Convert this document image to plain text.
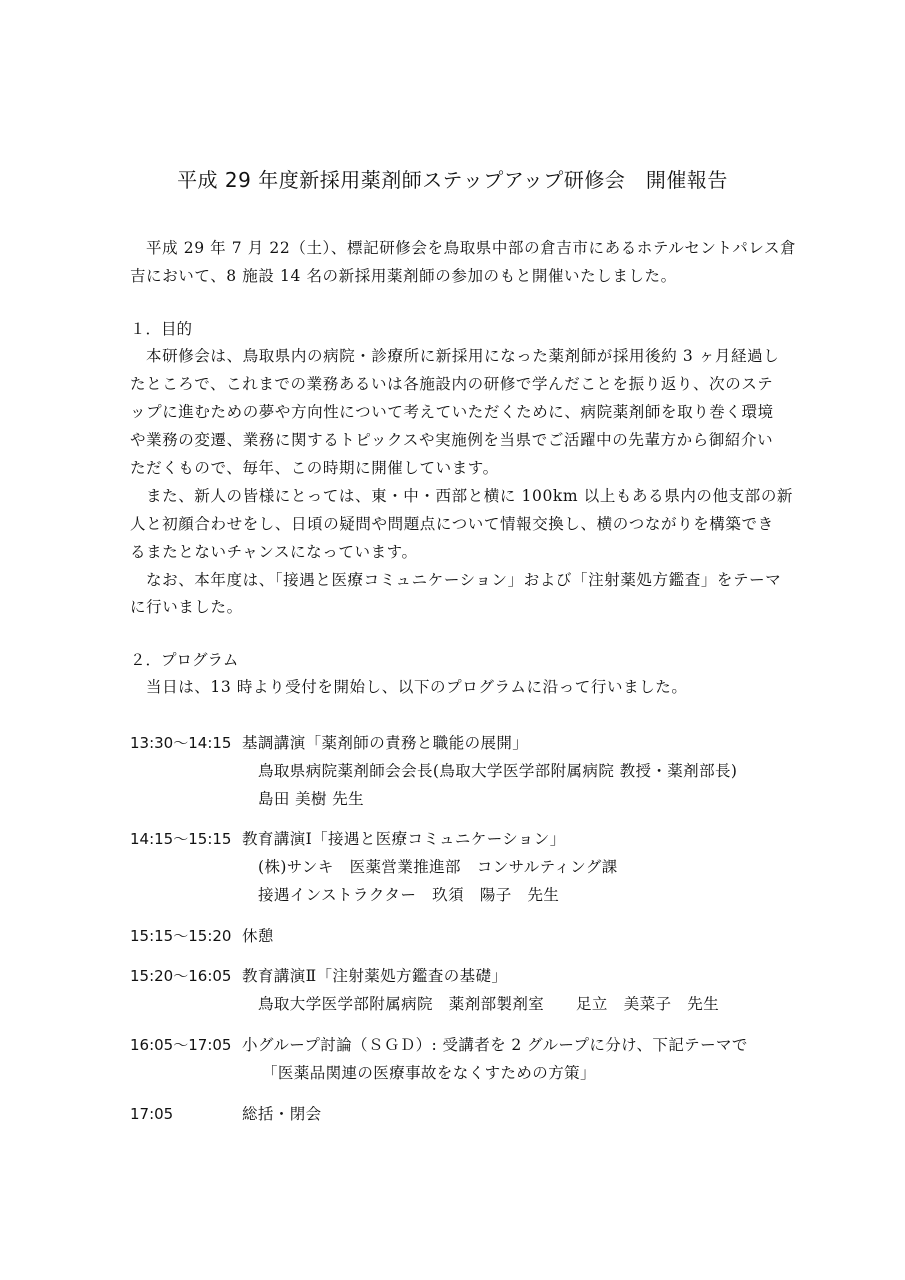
平成 29 年度新採用薬剤師ステップアップ研修会　開催報告
平成 29 年 7 月 22（土）、標記研修会を鳥取県中部の倉吉市にあるホテルセントパレス倉
吉において、8 施設 14 名の新採用薬剤師の参加のもと開催いたしました。
１．目的
本研修会は、鳥取県内の病院・診療所に新採用になった薬剤師が採用後約 3 ヶ月経過し
たところで、これまでの業務あるいは各施設内の研修で学んだことを振り返り、次のステ
ップに進むための夢や方向性について考えていただくために、病院薬剤師を取り巻く環境
や業務の変遷、業務に関するトピックスや実施例を当県でご活躍中の先輩方から御紹介い
ただくもので、毎年、この時期に開催しています。
また、新人の皆様にとっては、東・中・西部と横に 100km 以上もある県内の他支部の新
人と初顔合わせをし、日頃の疑問や問題点について情報交換し、横のつながりを構築でき
るまたとないチャンスになっています。
なお、本年度は、「接遇と医療コミュニケーション」および「注射薬処方鑑査」をテーマ
に行いました。
２．プログラム
当日は、13 時より受付を開始し、以下のプログラムに沿って行いました。
13:30～14:15 基調講演「薬剤師の責務と職能の展開」
鳥取県病院薬剤師会会長(鳥取大学医学部附属病院 教授・薬剤部長)
島田 美樹 先生
14:15～15:15 教育講演Ⅰ「接遇と医療コミュニケーション」
(株)サンキ　医薬営業推進部　コンサルティング課
接遇インストラクター　玖須　陽子　先生
15:15～15:20 休憩
15:20～16:05 教育講演Ⅱ「注射薬処方鑑査の基礎」
鳥取大学医学部附属病院　薬剤部製剤室　　足立　美菜子　先生
16:05～17:05 小グループ討論（ＳＧＤ）: 受講者を 2 グループに分け、下記テーマで
「医薬品関連の医療事故をなくすための方策」
17:05	総括・閉会
